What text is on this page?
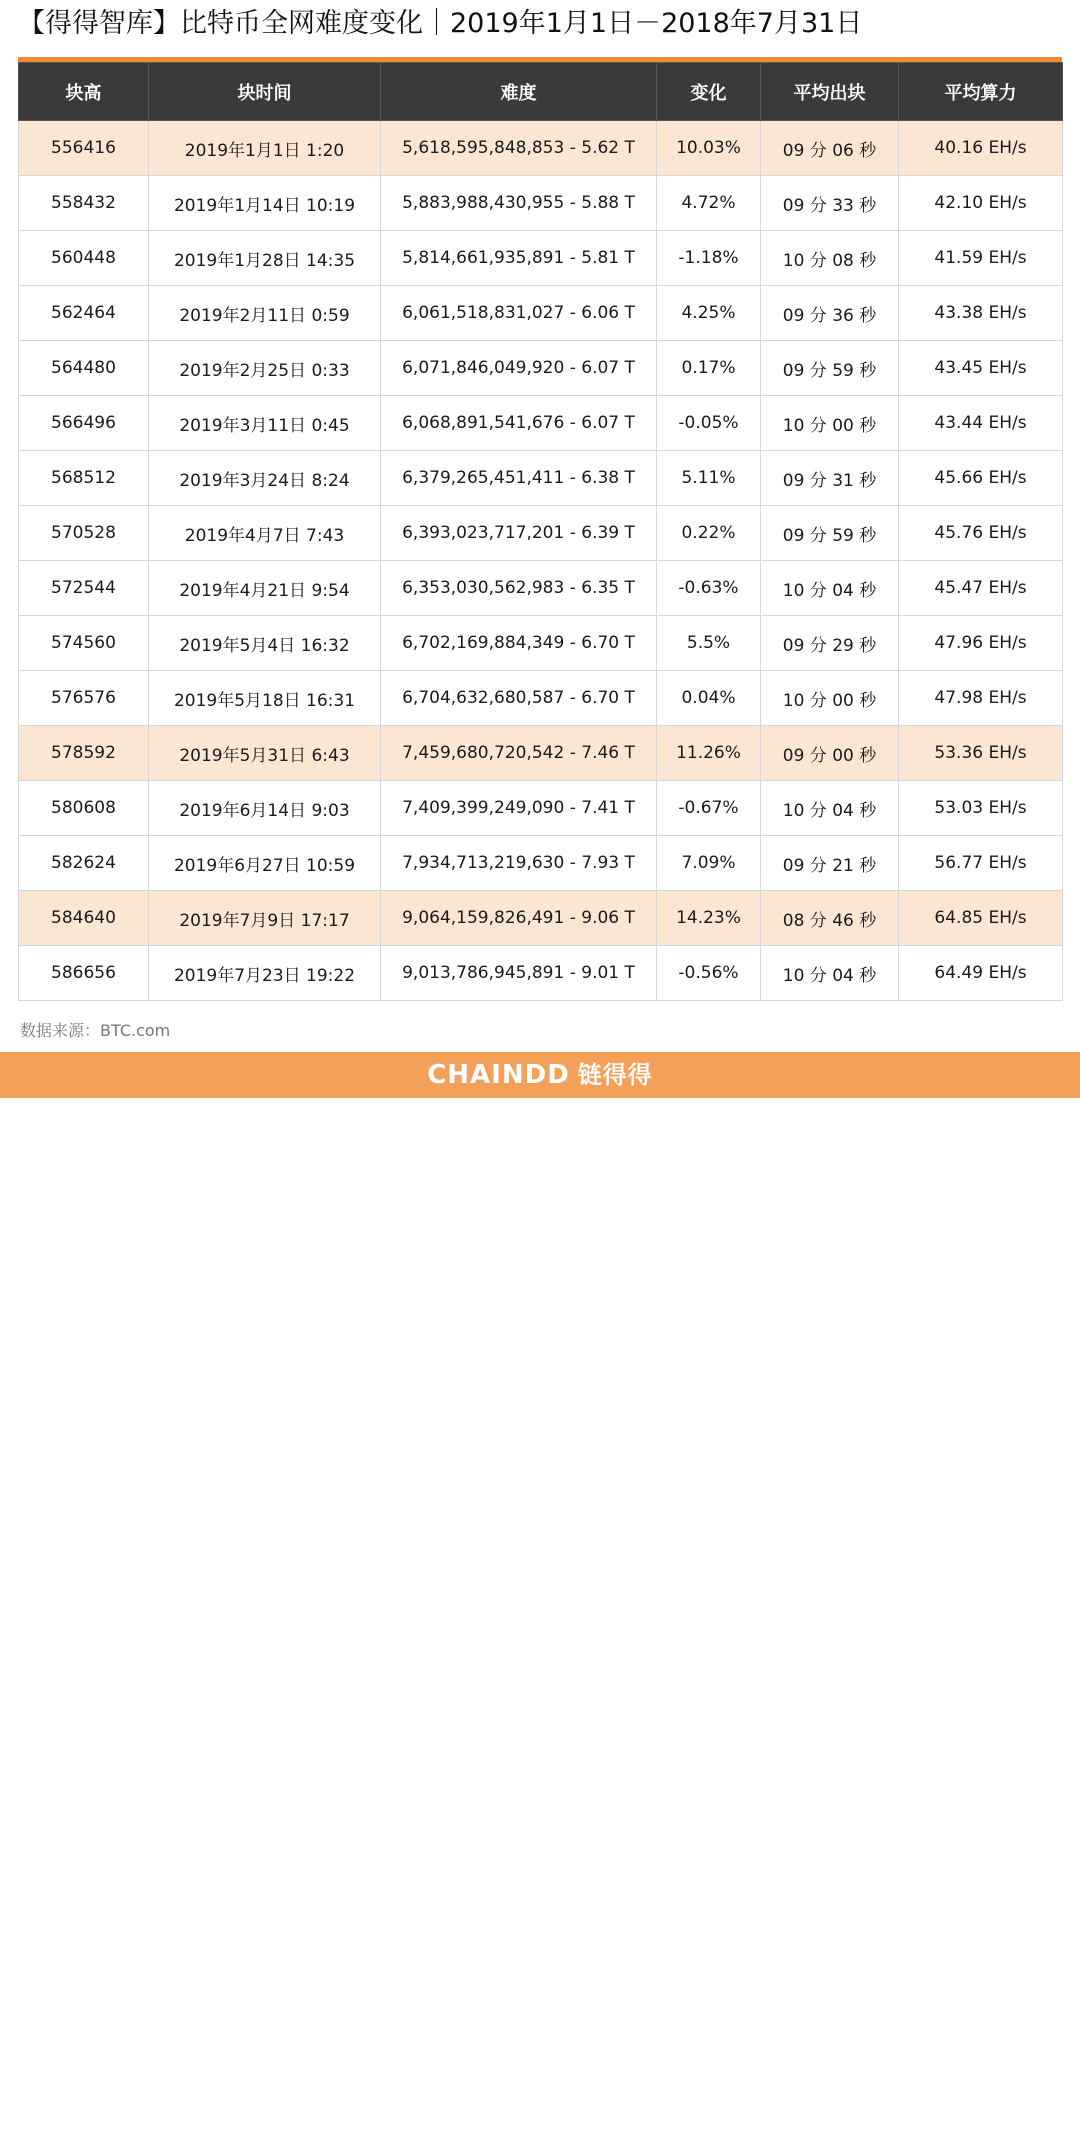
【得得智库】比特币全网难度变化｜2019年1月1日－2018年7月31日
块高	块时间	难度	变化	平均出块	平均算力
556416	2019年1月1日 1:20	5,618,595,848,853 - 5.62 T	10.03%	09 分 06 秒	40.16 EH/s
558432	2019年1月14日 10:19	5,883,988,430,955 - 5.88 T	4.72%	09 分 33 秒	42.10 EH/s
560448	2019年1月28日 14:35	5,814,661,935,891 - 5.81 T	-1.18%	10 分 08 秒	41.59 EH/s
562464	2019年2月11日 0:59	6,061,518,831,027 - 6.06 T	4.25%	09 分 36 秒	43.38 EH/s
564480	2019年2月25日 0:33	6,071,846,049,920 - 6.07 T	0.17%	09 分 59 秒	43.45 EH/s
566496	2019年3月11日 0:45	6,068,891,541,676 - 6.07 T	-0.05%	10 分 00 秒	43.44 EH/s
568512	2019年3月24日 8:24	6,379,265,451,411 - 6.38 T	5.11%	09 分 31 秒	45.66 EH/s
570528	2019年4月7日 7:43	6,393,023,717,201 - 6.39 T	0.22%	09 分 59 秒	45.76 EH/s
572544	2019年4月21日 9:54	6,353,030,562,983 - 6.35 T	-0.63%	10 分 04 秒	45.47 EH/s
574560	2019年5月4日 16:32	6,702,169,884,349 - 6.70 T	5.5%	09 分 29 秒	47.96 EH/s
576576	2019年5月18日 16:31	6,704,632,680,587 - 6.70 T	0.04%	10 分 00 秒	47.98 EH/s
578592	2019年5月31日 6:43	7,459,680,720,542 - 7.46 T	11.26%	09 分 00 秒	53.36 EH/s
580608	2019年6月14日 9:03	7,409,399,249,090 - 7.41 T	-0.67%	10 分 04 秒	53.03 EH/s
582624	2019年6月27日 10:59	7,934,713,219,630 - 7.93 T	7.09%	09 分 21 秒	56.77 EH/s
584640	2019年7月9日 17:17	9,064,159,826,491 - 9.06 T	14.23%	08 分 46 秒	64.85 EH/s
586656	2019年7月23日 19:22	9,013,786,945,891 - 9.01 T	-0.56%	10 分 04 秒	64.49 EH/s
数据来源：BTC.com
CHAINDD 链得得
▣ 链得得
CHAINDD
